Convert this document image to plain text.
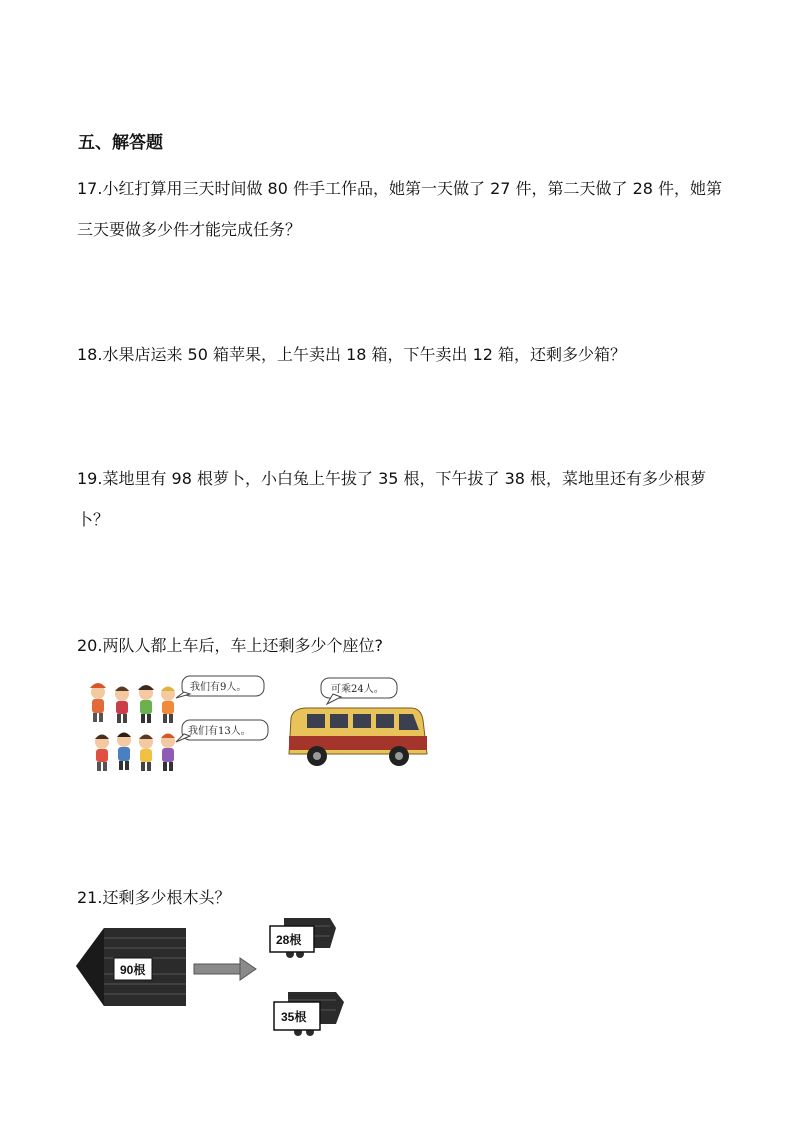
五、解答题
17.小红打算用三天时间做 80 件手工作品，她第一天做了 27 件，第二天做了 28 件，她第三天要做多少件才能完成任务？
18.水果店运来 50 箱苹果，上午卖出 18 箱，下午卖出 12 箱，还剩多少箱？
19.菜地里有 98 根萝卜，小白兔上午拔了 35 根，下午拔了 38 根，菜地里还有多少根萝卜？
20.两队人都上车后，车上还剩多少个座位?
我们有9人。
我们有13人。
可乘24人。
21.还剩多少根木头？
90根
28根
35根
